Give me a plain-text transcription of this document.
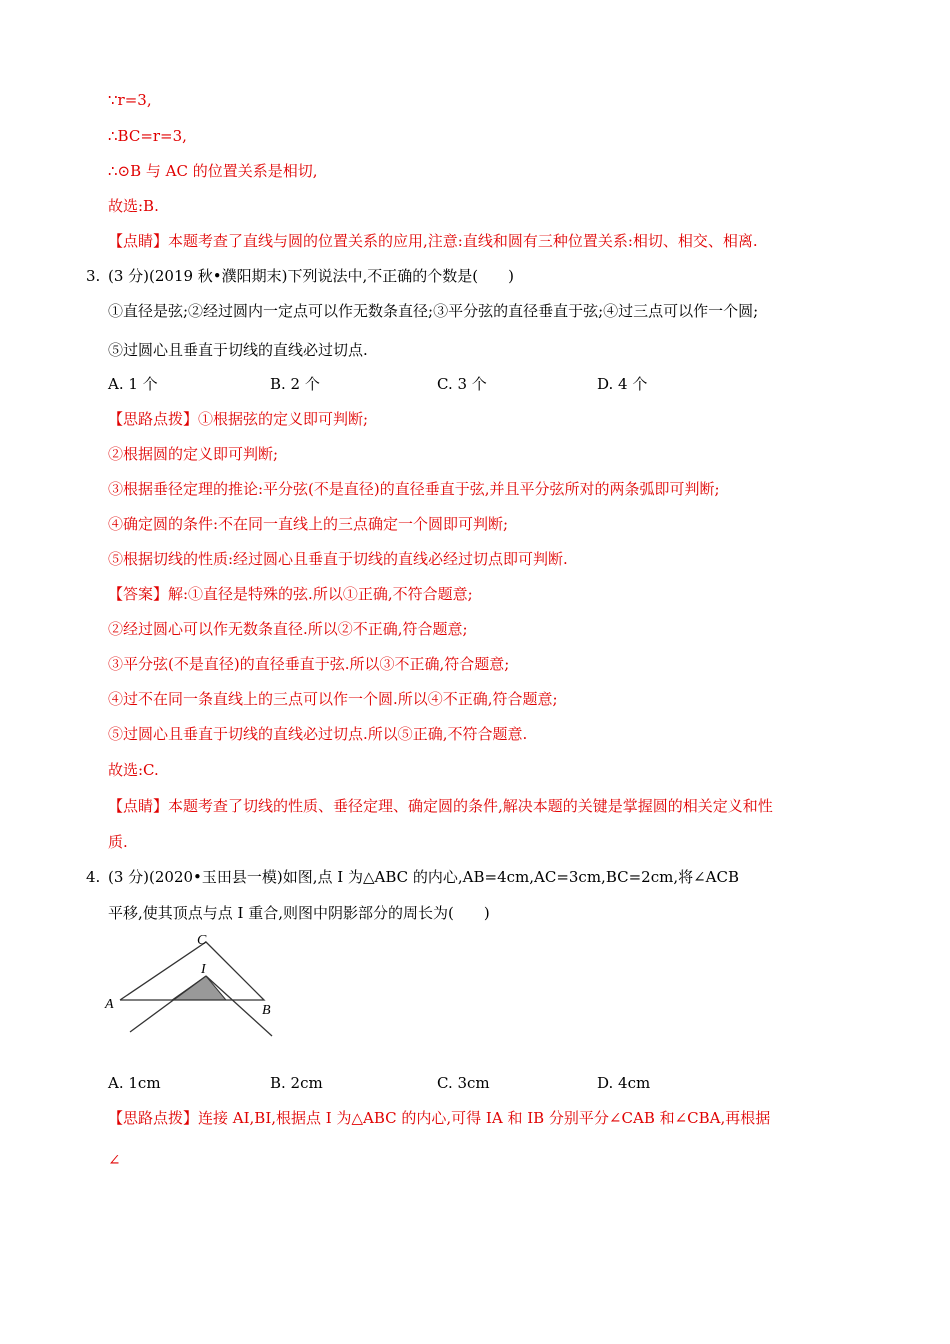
∵r=3,

∴BC=r=3,

∴⊙B 与 AC 的位置关系是相切,

故选:B.

【点睛】本题考查了直线与圆的位置关系的应用,注意:直线和圆有三种位置关系:相切、相交、相离.

3. (3 分)(2019 秋•濮阳期末)下列说法中,不正确的个数是(　　)

①直径是弦;②经过圆内一定点可以作无数条直径;③平分弦的直径垂直于弦;④过三点可以作一个圆;

⑤过圆心且垂直于切线的直线必过切点.

A. 1 个	B. 2 个	C. 3 个	D. 4 个

【思路点拨】①根据弦的定义即可判断;

②根据圆的定义即可判断;

③根据垂径定理的推论:平分弦(不是直径)的直径垂直于弦,并且平分弦所对的两条弧即可判断;

④确定圆的条件:不在同一直线上的三点确定一个圆即可判断;

⑤根据切线的性质:经过圆心且垂直于切线的直线必经过切点即可判断.

【答案】解:①直径是特殊的弦.所以①正确,不符合题意;

②经过圆心可以作无数条直径.所以②不正确,符合题意;

③平分弦(不是直径)的直径垂直于弦.所以③不正确,符合题意;

④过不在同一条直线上的三点可以作一个圆.所以④不正确,符合题意;

⑤过圆心且垂直于切线的直线必过切点.所以⑤正确,不符合题意.

故选:C.

【点睛】本题考查了切线的性质、垂径定理、确定圆的条件,解决本题的关键是掌握圆的相关定义和性

质.

4. (3 分)(2020•玉田县一模)如图,点 I 为△ABC 的内心,AB=4cm,AC=3cm,BC=2cm,将∠ACB

平移,使其顶点与点 I 重合,则图中阴影部分的周长为(　　)

C
I
A	B

A. 1cm	B. 2cm	C. 3cm	D. 4cm

【思路点拨】连接 AI,BI,根据点 I 为△ABC 的内心,可得 IA 和 IB 分别平分∠CAB 和∠CBA,再根据

∠
